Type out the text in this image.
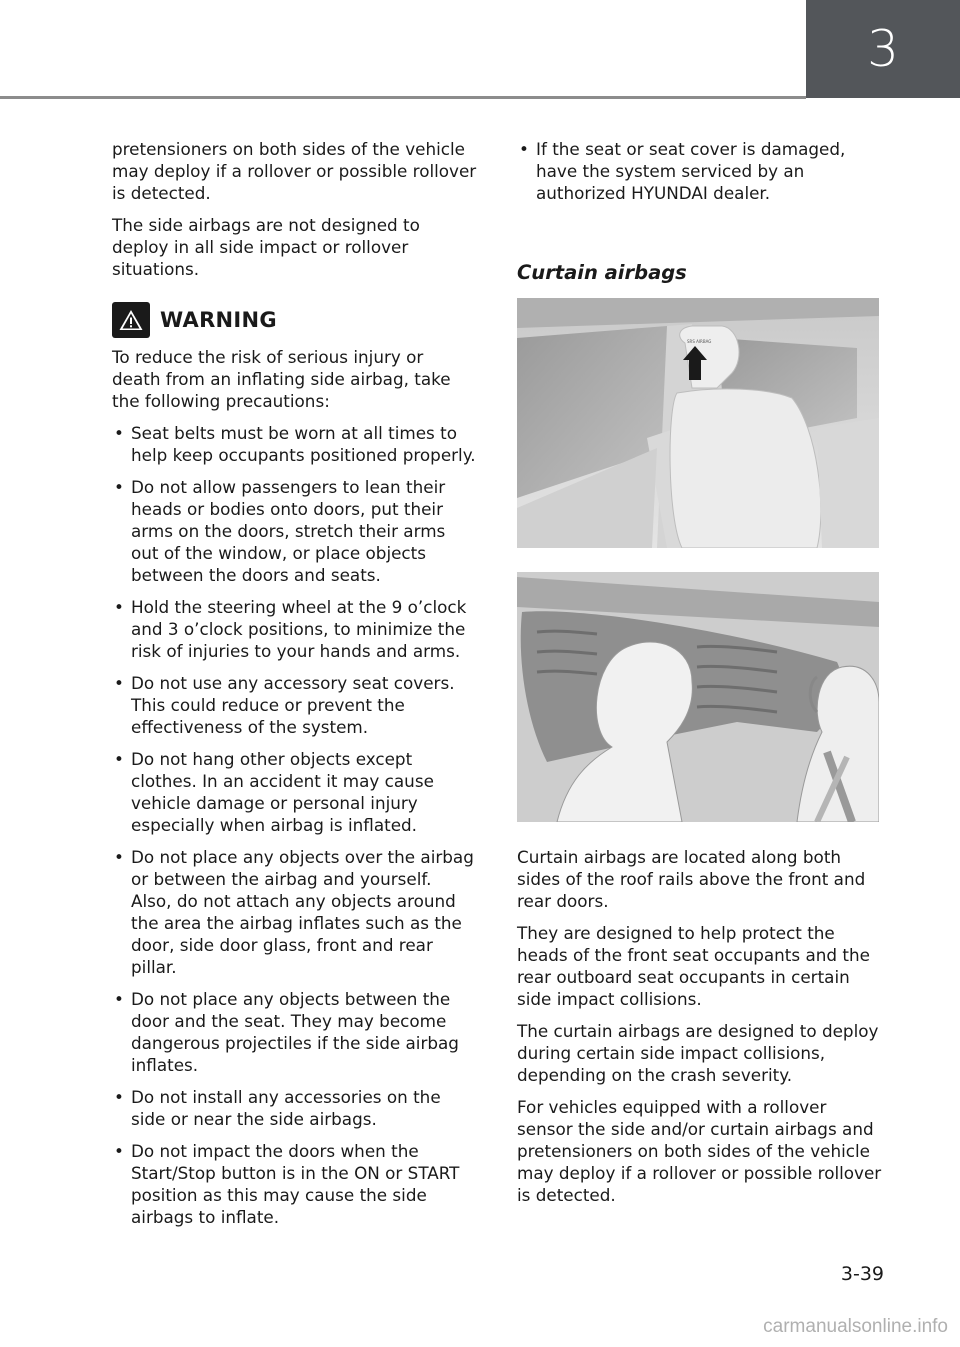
3

pretensioners on both sides of the vehicle may deploy if a rollover or possible rollover is detected.

The side airbags are not designed to deploy in all side impact or rollover situations.

WARNING

To reduce the risk of serious injury or death from an inflating side airbag, take the following precautions:

• Seat belts must be worn at all times to help keep occupants positioned properly.
• Do not allow passengers to lean their heads or bodies onto doors, put their arms on the doors, stretch their arms out of the window, or place objects between the doors and seats.
• Hold the steering wheel at the 9 o’clock and 3 o’clock positions, to minimize the risk of injuries to your hands and arms.
• Do not use any accessory seat covers. This could reduce or prevent the effectiveness of the system.
• Do not hang other objects except clothes. In an accident it may cause vehicle damage or personal injury especially when airbag is inflated.
• Do not place any objects over the airbag or between the airbag and yourself. Also, do not attach any objects around the area the airbag inflates such as the door, side door glass, front and rear pillar.
• Do not place any objects between the door and the seat. They may become dangerous projectiles if the side airbag inflates.
• Do not install any accessories on the side or near the side airbags.
• Do not impact the doors when the Start/Stop button is in the ON or START position as this may cause the side airbags to inflate.
• If the seat or seat cover is damaged, have the system serviced by an authorized HYUNDAI dealer.
Curtain airbags
SRS AIRBAG

Curtain airbags are located along both sides of the roof rails above the front and rear doors.

They are designed to help protect the heads of the front seat occupants and the rear outboard seat occupants in certain side impact collisions.

The curtain airbags are designed to deploy during certain side impact collisions, depending on the crash severity.

For vehicles equipped with a rollover sensor the side and/or curtain airbags and pretensioners on both sides of the vehicle may deploy if a rollover or possible rollover is detected.

3-39
carmanualsonline.info
